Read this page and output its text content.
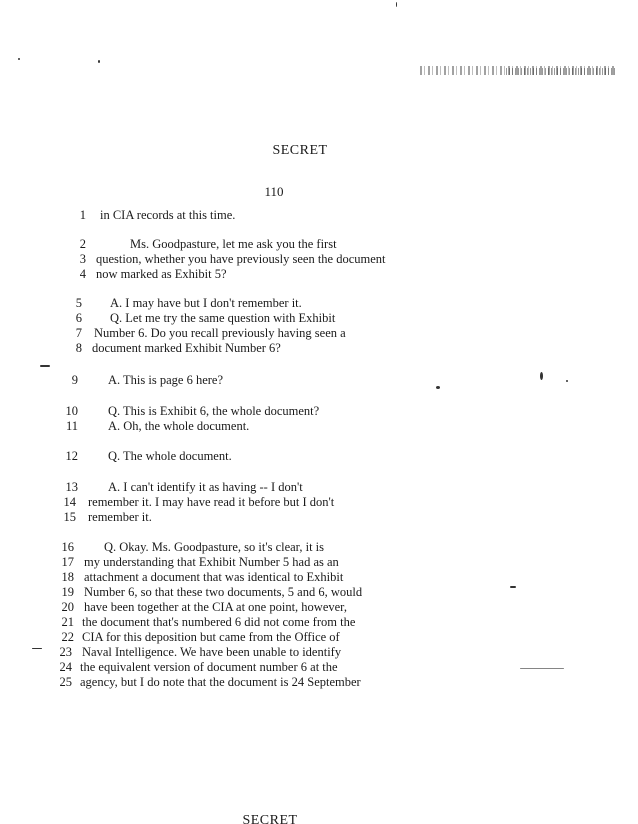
SECRET
110
1 in CIA records at this time.
2	Ms. Goodpasture, let me ask you the first
3 question, whether you have previously seen the document
4 now marked as Exhibit 5?
5 A. I may have but I don't remember it.
6 Q. Let me try the same question with Exhibit
7 Number 6. Do you recall previously having seen a
8 document marked Exhibit Number 6?
9 A. This is page 6 here?
10 Q. This is Exhibit 6, the whole document?
11 A. Oh, the whole document.
12 Q. The whole document.
13 A. I can't identify it as having -- I don't
14 remember it. I may have read it before but I don't
15 remember it.
16 Q. Okay. Ms. Goodpasture, so it's clear, it is
17 my understanding that Exhibit Number 5 had as an
18 attachment a document that was identical to Exhibit
19 Number 6, so that these two documents, 5 and 6, would
20 have been together at the CIA at one point, however,
21 the document that's numbered 6 did not come from the
22 CIA for this deposition but came from the Office of
23 Naval Intelligence. We have been unable to identify
24 the equivalent version of document number 6 at the
25 agency, but I do note that the document is 24 September
SECRET
